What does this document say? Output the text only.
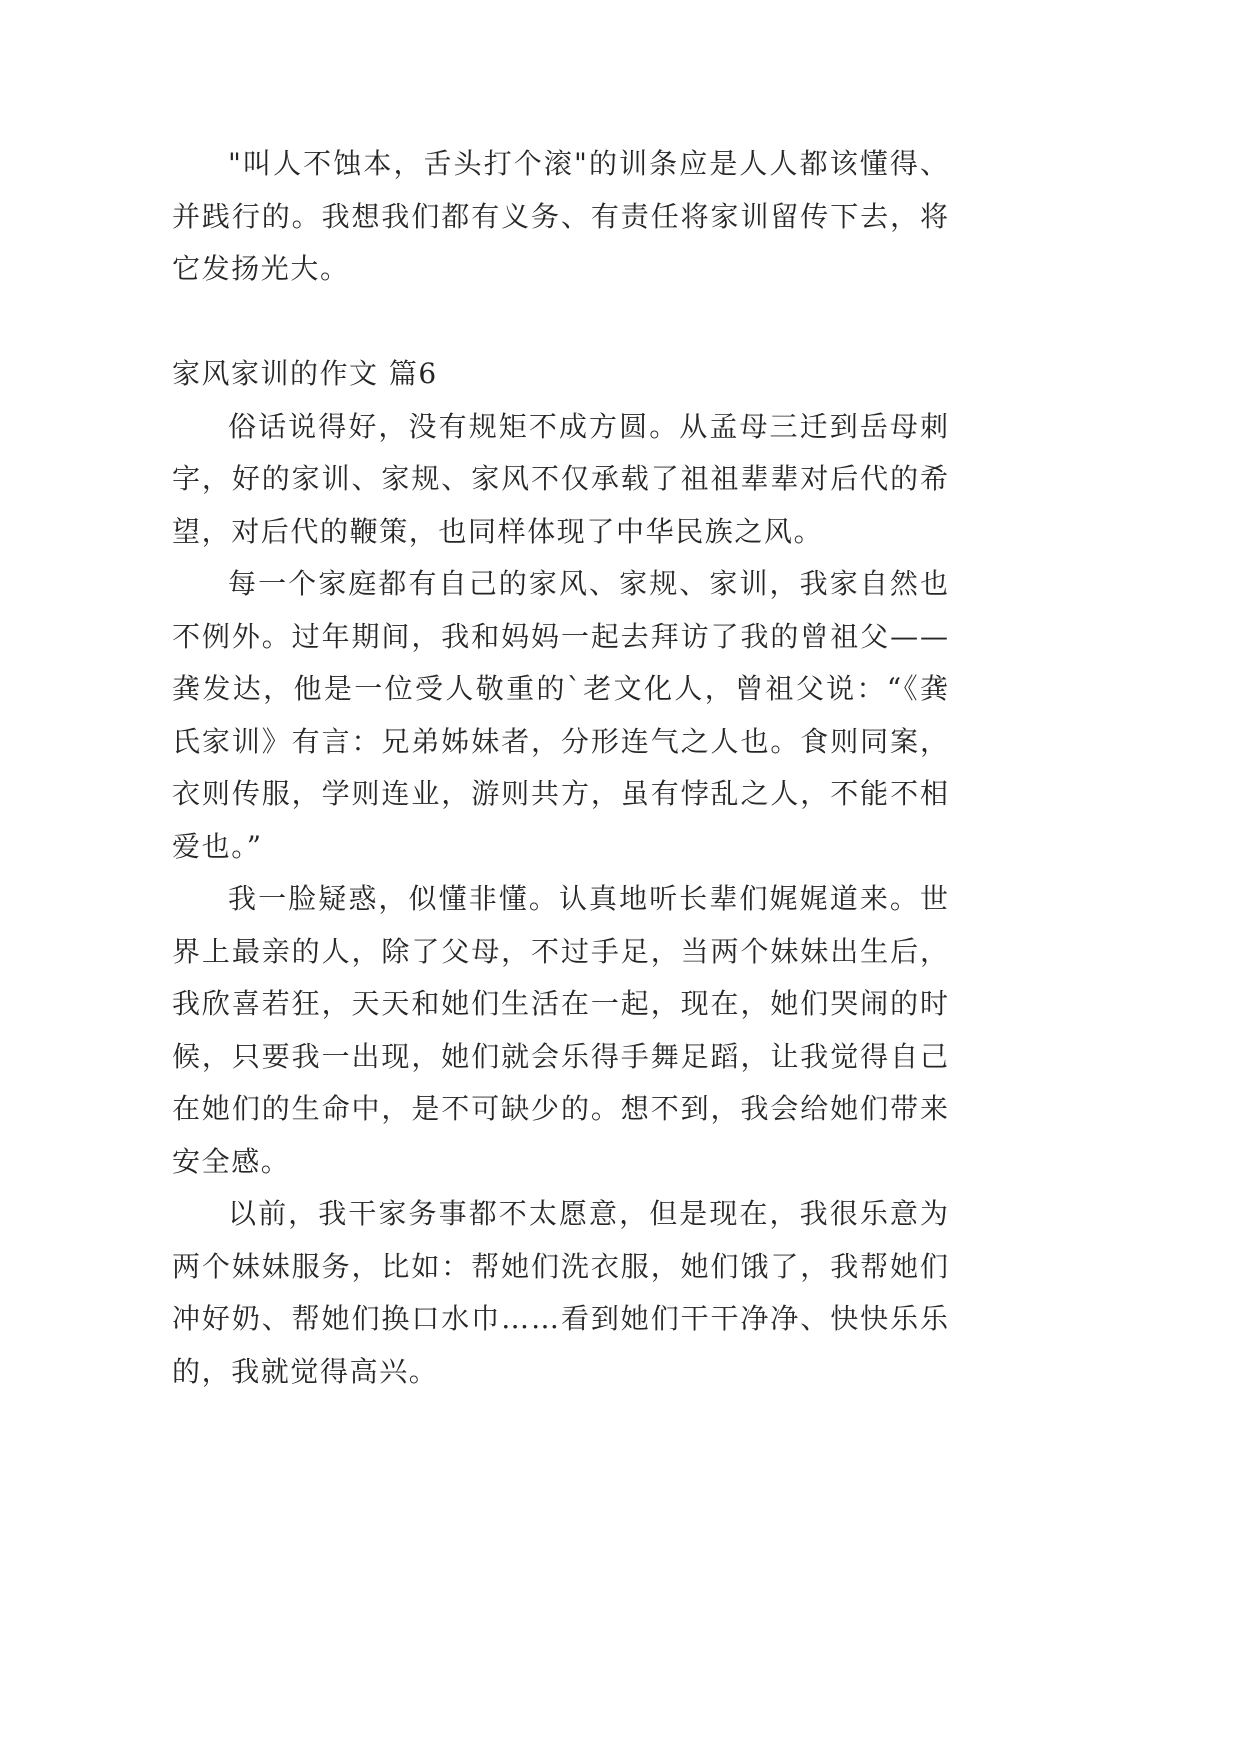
"叫人不蚀本，舌头打个滚"的训条应是人人都该懂得、
并践行的。我想我们都有义务、有责任将家训留传下去，将
它发扬光大。
家风家训的作文 篇6
俗话说得好，没有规矩不成方圆。从孟母三迁到岳母刺
字，好的家训、家规、家风不仅承载了祖祖辈辈对后代的希
望，对后代的鞭策，也同样体现了中华民族之风。
每一个家庭都有自己的家风、家规、家训，我家自然也
不例外。过年期间，我和妈妈一起去拜访了我的曾祖父——
龚发达，他是一位受人敬重的`老文化人，曾祖父说：“《龚
氏家训》有言：兄弟姊妹者，分形连气之人也。食则同案，
衣则传服，学则连业，游则共方，虽有悖乱之人，不能不相
爱也。”
我一脸疑惑，似懂非懂。认真地听长辈们娓娓道来。世
界上最亲的人，除了父母，不过手足，当两个妹妹出生后，
我欣喜若狂，天天和她们生活在一起，现在，她们哭闹的时
候，只要我一出现，她们就会乐得手舞足蹈，让我觉得自己
在她们的生命中，是不可缺少的。想不到，我会给她们带来
安全感。
以前，我干家务事都不太愿意，但是现在，我很乐意为
两个妹妹服务，比如：帮她们洗衣服，她们饿了，我帮她们
冲好奶、帮她们换口水巾……看到她们干干净净、快快乐乐
的，我就觉得高兴。
